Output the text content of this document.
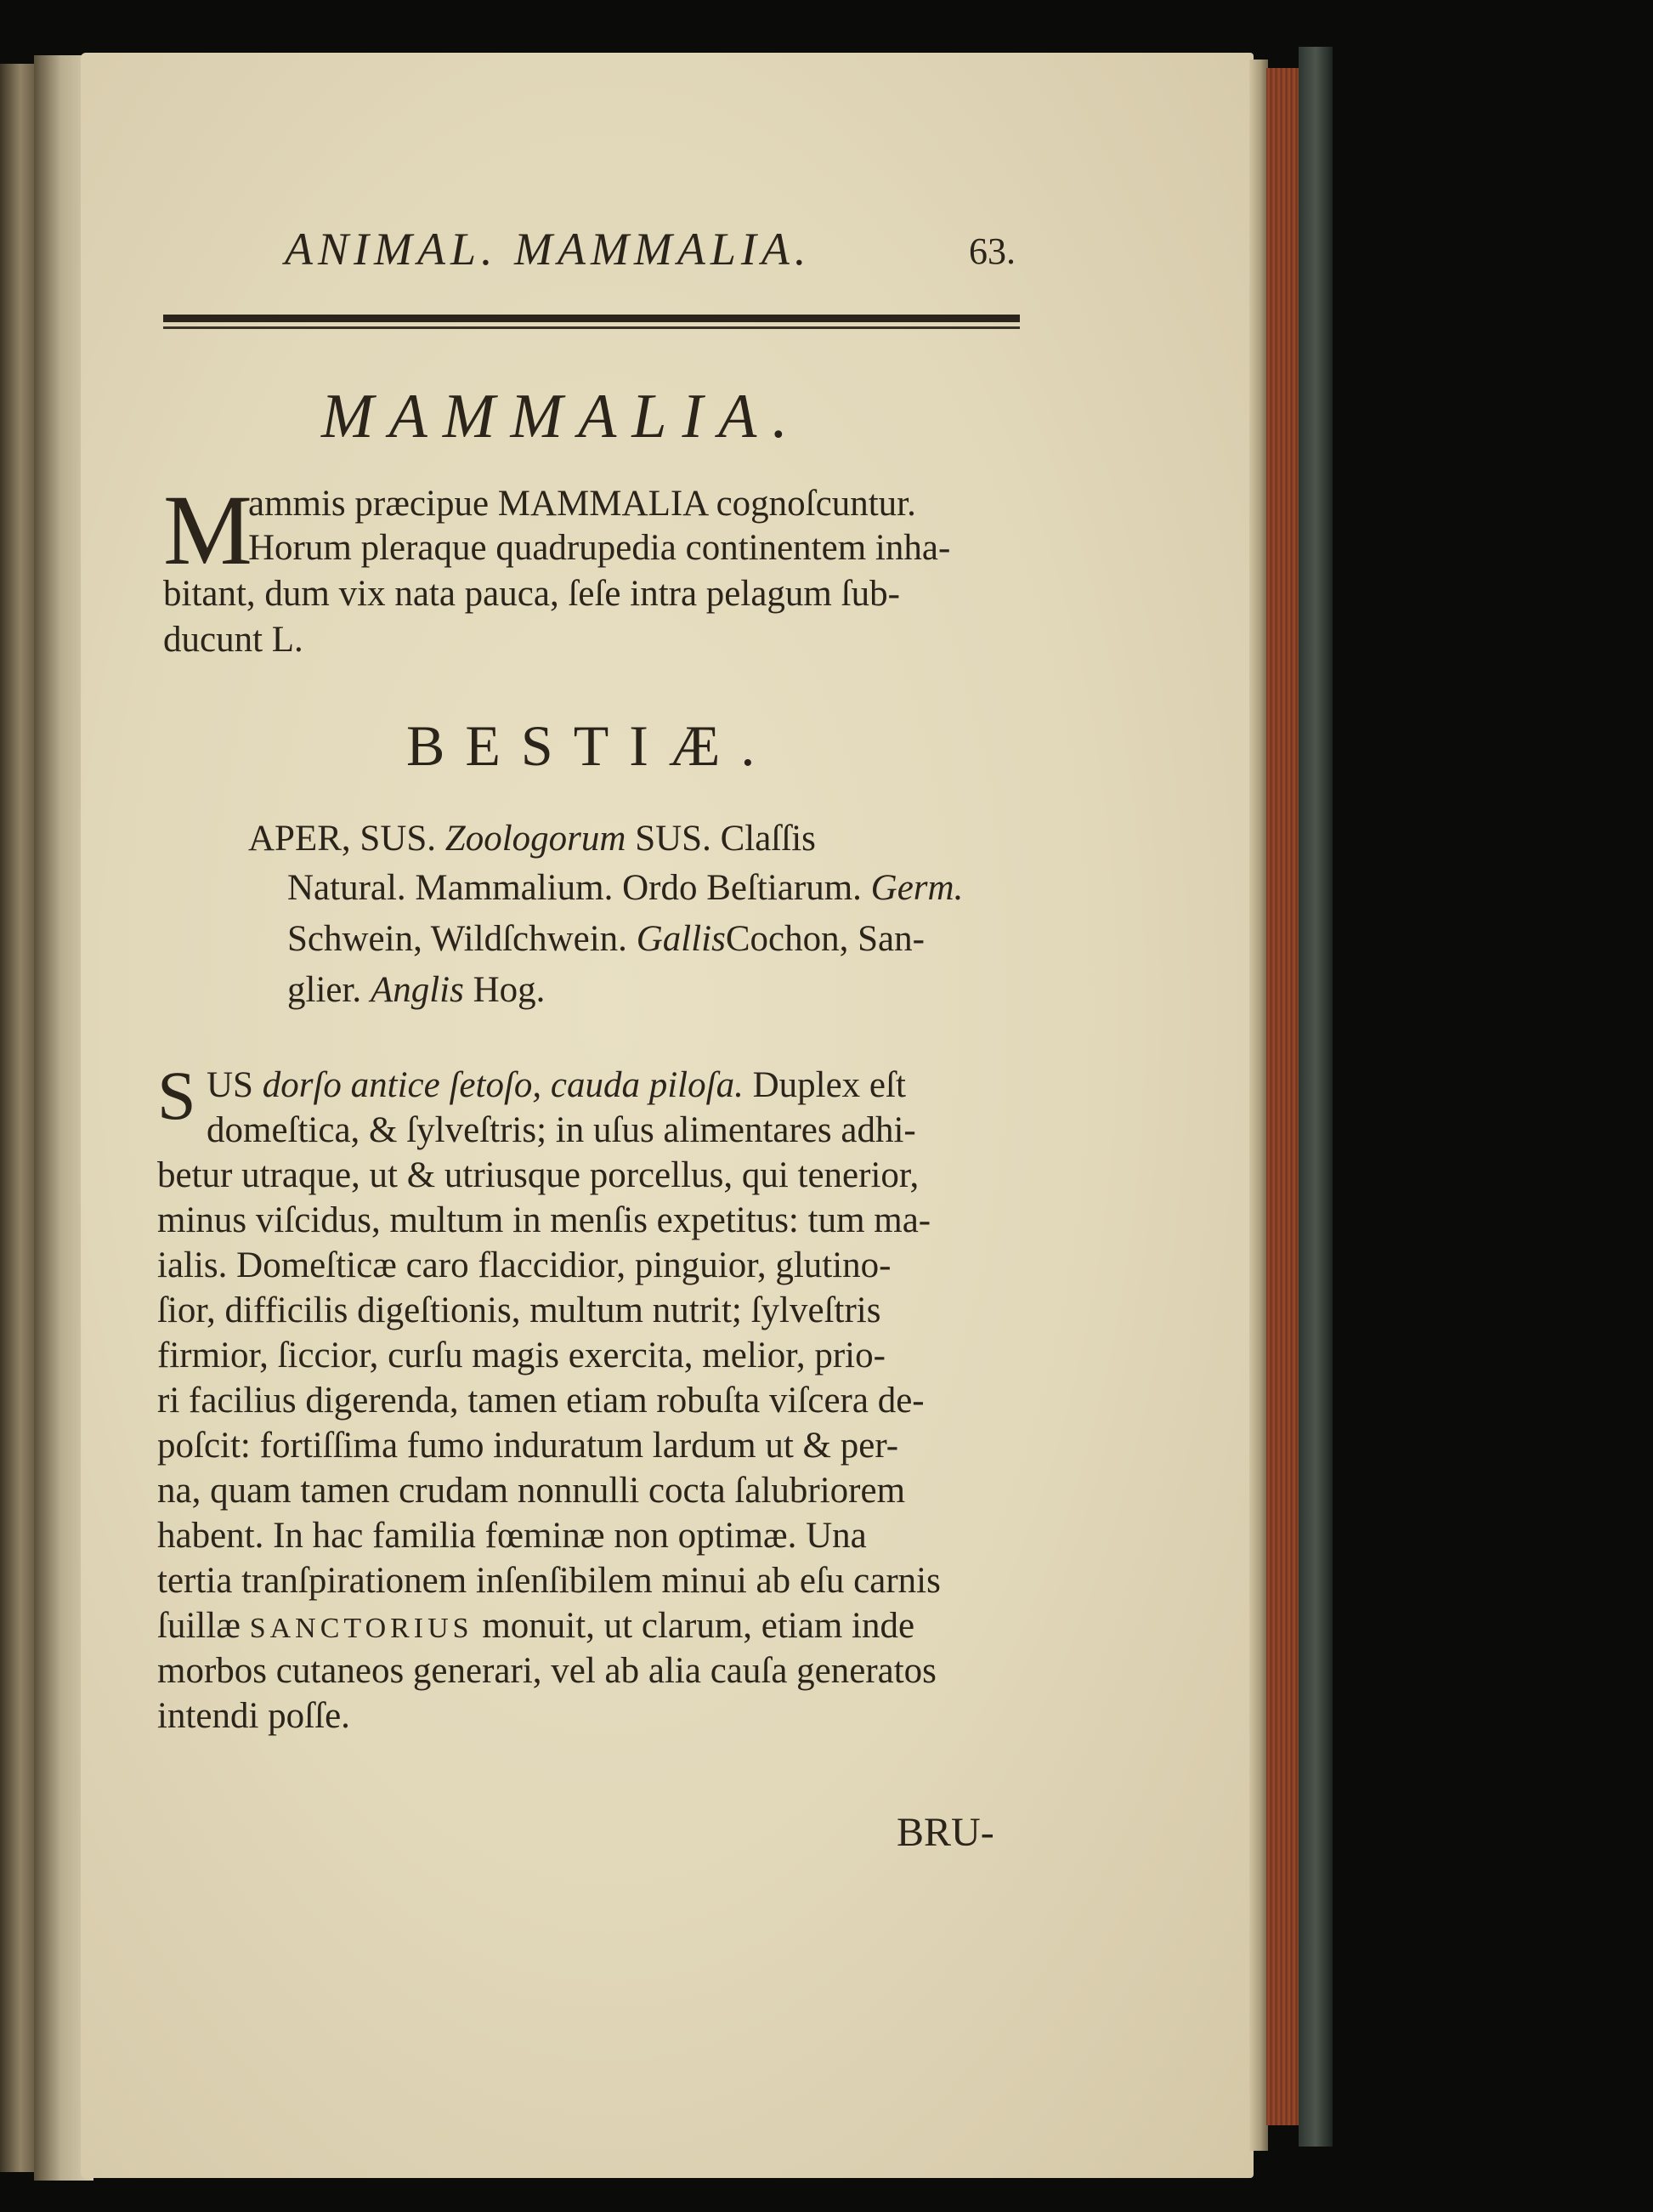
ANIMAL. MAMMALIA.	63.
MAMMALIA.
M
ammis præcipue MAMMALIA cognoſcuntur.
Horum pleraque quadrupedia continentem inha-
bitant, dum vix nata pauca, ſeſe intra pelagum ſub-
ducunt L.
BESTIÆ.
APER, SUS. Zoologorum SUS. Claſſis
Natural. Mammalium. Ordo Beſtiarum. Germ.
Schwein, Wildſchwein. GallisCochon, San-
glier. Anglis Hog.
S US dorſo antice ſetoſo, cauda piloſa. Duplex eſt
domeſtica, & ſylveſtris; in uſus alimentares adhi-
betur utraque, ut & utriusque porcellus, qui tenerior,
minus viſcidus, multum in menſis expetitus: tum ma-
ialis. Domeſticæ caro flaccidior, pinguior, glutino-
ſior, difficilis digeſtionis, multum nutrit; ſylveſtris
firmior, ſiccior, curſu magis exercita, melior, prio-
ri facilius digerenda, tamen etiam robuſta viſcera de-
poſcit: fortiſſima fumo induratum lardum ut & per-
na, quam tamen crudam nonnulli cocta ſalubriorem
habent. In hac familia fœminæ non optimæ. Una
tertia tranſpirationem inſenſibilem minui ab eſu carnis
ſuillæ SANCTORIUS monuit, ut clarum, etiam inde
morbos cutaneos generari, vel ab alia cauſa generatos
intendi poſſe.
BRU-
